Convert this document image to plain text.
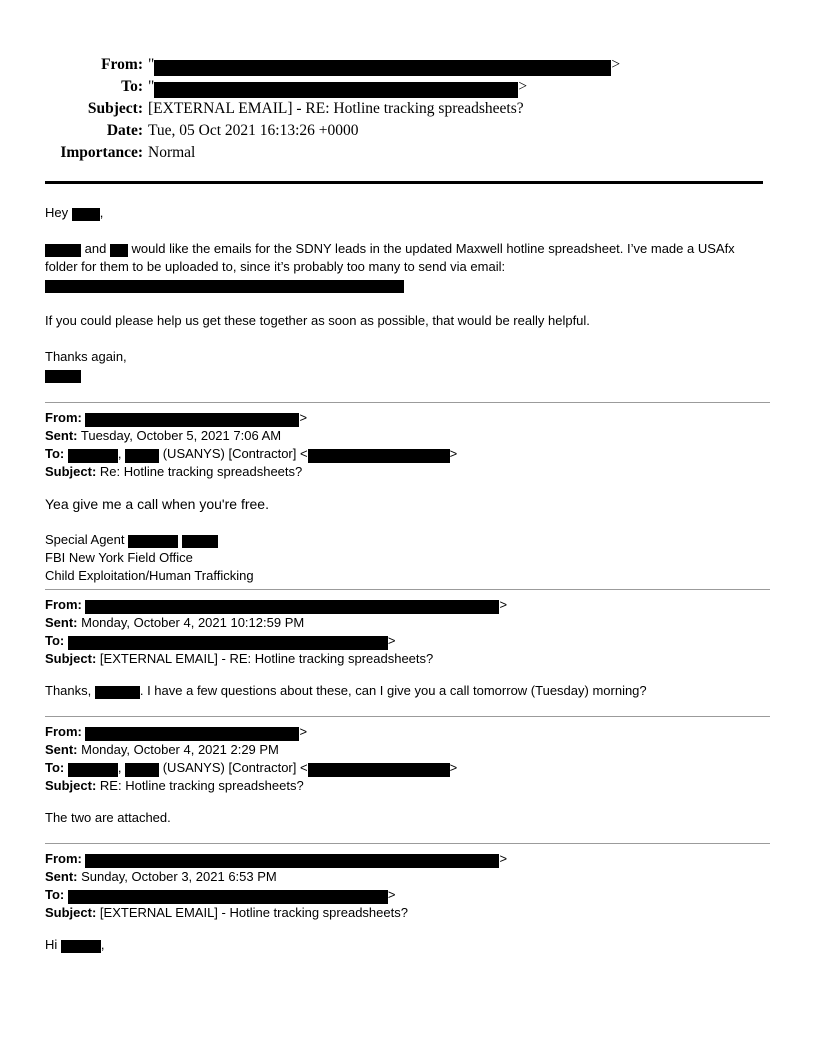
From: "	>
To: "	>
Subject: [EXTERNAL EMAIL] - RE: Hotline tracking spreadsheets?
Date: Tue, 05 Oct 2021 16:13:26 +0000
Importance: Normal
Hey ,
and  would like the emails for the SDNY leads in the updated Maxwell hotline spreadsheet. I’ve made a USAfx
folder for them to be uploaded to, since it’s probably too many to send via email:
If you could please help us get these together as soon as possible, that would be really helpful.
Thanks again,
From:	>
Sent: Tuesday, October 5, 2021 7:06 AM
To:	,	(USANYS) [Contractor] <	>
Subject: Re: Hotline tracking spreadsheets?
Yea give me a call when you're free.
Special Agent
FBI New York Field Office
Child Exploitation/Human Trafficking
From:	>
Sent: Monday, October 4, 2021 10:12:59 PM
To:	>
Subject: [EXTERNAL EMAIL] - RE: Hotline tracking spreadsheets?
Thanks,	. I have a few questions about these, can I give you a call tomorrow (Tuesday) morning?
From:	>
Sent: Monday, October 4, 2021 2:29 PM
To:	,	(USANYS) [Contractor] <	>
Subject: RE: Hotline tracking spreadsheets?
The two are attached.
From:	>
Sent: Sunday, October 3, 2021 6:53 PM
To:	>
Subject: [EXTERNAL EMAIL] - Hotline tracking spreadsheets?
Hi	,
